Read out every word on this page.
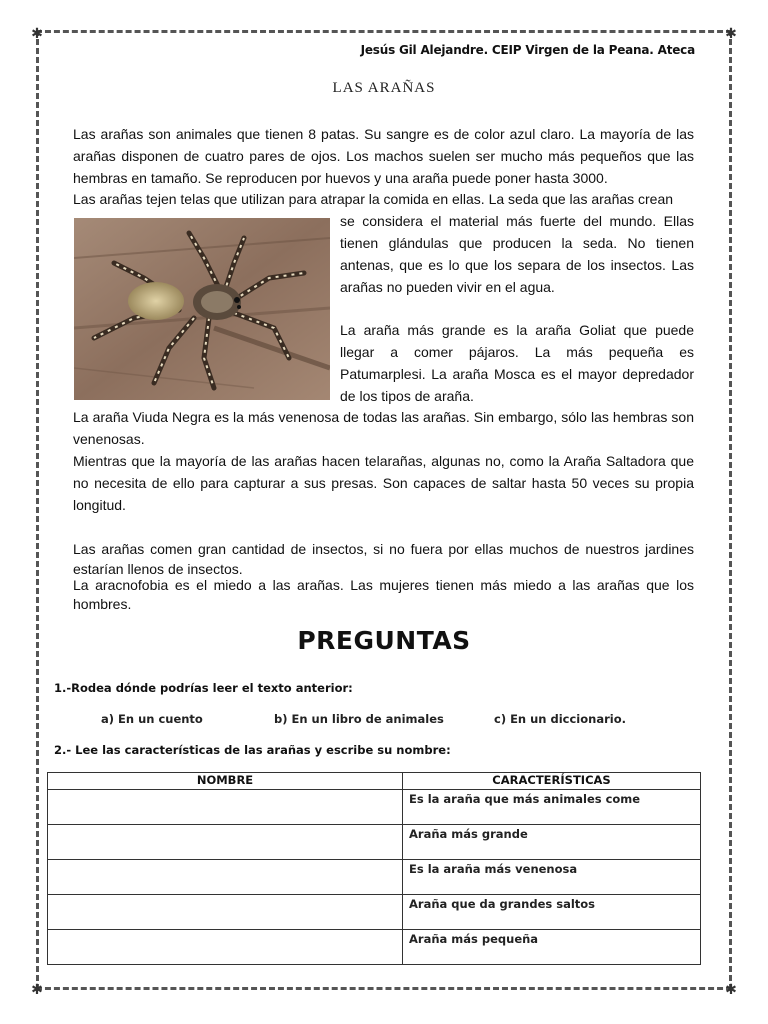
✱	✱
✱	✱
Jesús Gil Alejandre. CEIP Virgen de la Peana. Ateca
LAS ARAÑAS

Las arañas son animales que tienen 8 patas. Su sangre es de color azul claro. La mayoría de las arañas disponen de cuatro pares de ojos. Los machos suelen ser mucho más pequeños que las hembras en tamaño. Se reproducen por huevos y una araña puede poner hasta 3000.

Las arañas tejen telas que utilizan para atrapar la comida en ellas. La seda que las arañas crean

se considera el material más fuerte del mundo. Ellas tienen glándulas que producen la seda. No tienen antenas, que es lo que los separa de los insectos. Las arañas no pueden vivir en el agua.

La araña más grande es la araña Goliat que puede llegar a comer pájaros. La más pequeña es Patumarplesi. La araña Mosca es el mayor depredador de los tipos de araña.

La araña Viuda Negra es la más venenosa de todas las arañas. Sin embargo, sólo las hembras son venenosas.

Mientras que la mayoría de las arañas hacen telarañas, algunas no, como la Araña Saltadora que no necesita de ello para capturar a sus presas. Son capaces de saltar hasta 50 veces su propia longitud.

Las arañas comen gran cantidad de insectos, si no fuera por ellas muchos de nuestros jardines estarían llenos de insectos.

La aracnofobia es el miedo a las arañas. Las mujeres tienen más miedo a las arañas que los hombres.

PREGUNTAS
1.-Rodea dónde podrías leer el texto anterior:
a) En un cuento	b) En un libro de animales	c) En un diccionario.
2.- Lee las características de las arañas y escribe su nombre:
NOMBRE	CARACTERÍSTICAS
	Es la araña que más animales come
	Araña más grande
	Es la araña más venenosa
	Araña que da grandes saltos
	Araña más pequeña
